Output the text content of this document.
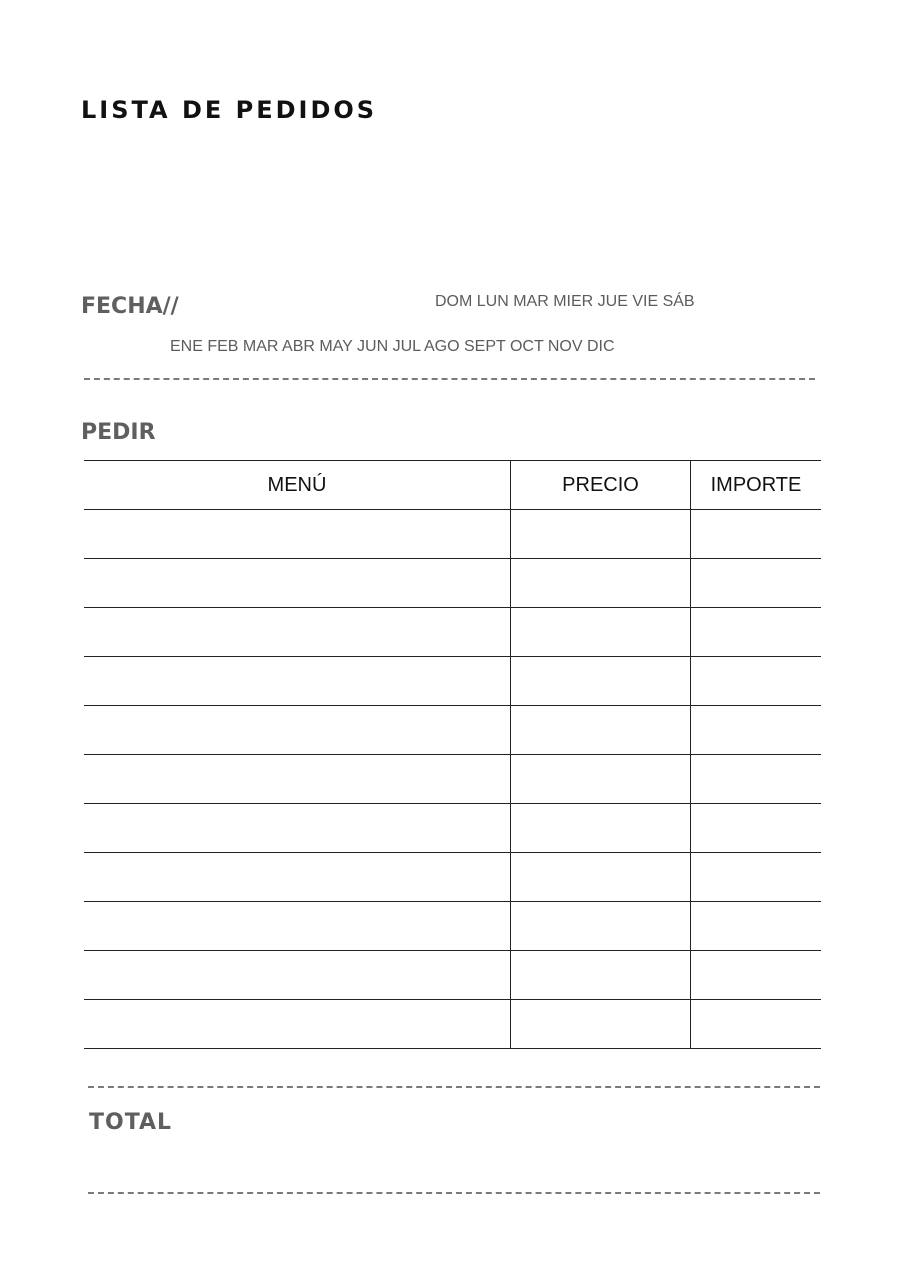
LISTA DE PEDIDOS
FECHA//	DOM LUN MAR MIER JUE VIE SÁB
ENE FEB MAR ABR MAY JUN JUL AGO SEPT OCT NOV DIC
PEDIR
MENÚ	PRECIO	IMPORTE

TOTAL
